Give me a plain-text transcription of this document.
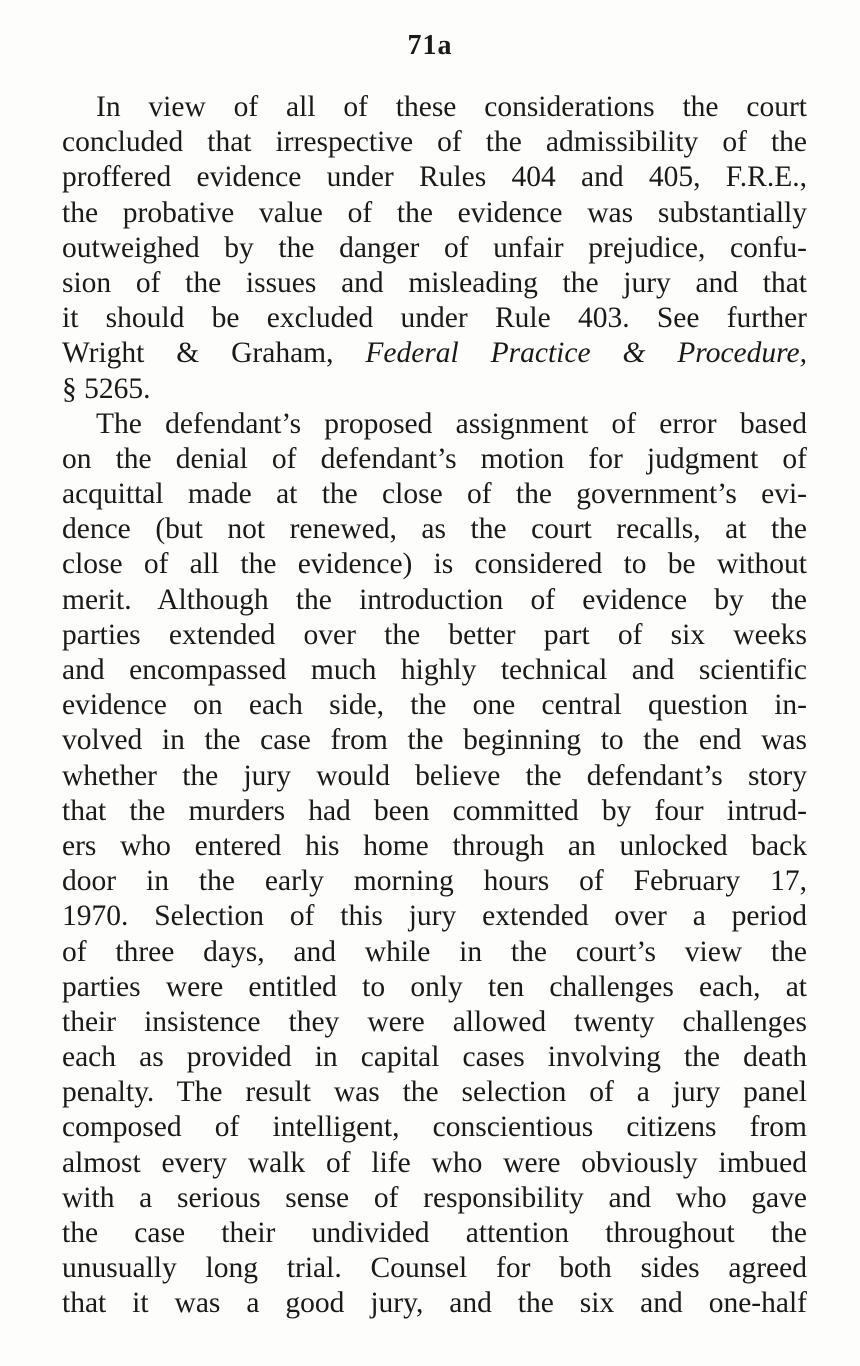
71a
In view of all of these considerations the court
concluded that irrespective of the admissibility of the
proffered evidence under Rules 404 and 405, F.R.E.,
the probative value of the evidence was substantially
outweighed by the danger of unfair prejudice, confu-
sion of the issues and misleading the jury and that
it should be excluded under Rule 403. See further
Wright & Graham, Federal Practice & Procedure,
§ 5265.
The defendant’s proposed assignment of error based
on the denial of defendant’s motion for judgment of
acquittal made at the close of the government’s evi-
dence (but not renewed, as the court recalls, at the
close of all the evidence) is considered to be without
merit. Although the introduction of evidence by the
parties extended over the better part of six weeks
and encompassed much highly technical and scientific
evidence on each side, the one central question in-
volved in the case from the beginning to the end was
whether the jury would believe the defendant’s story
that the murders had been committed by four intrud-
ers who entered his home through an unlocked back
door in the early morning hours of February 17,
1970. Selection of this jury extended over a period
of three days, and while in the court’s view the
parties were entitled to only ten challenges each, at
their insistence they were allowed twenty challenges
each as provided in capital cases involving the death
penalty. The result was the selection of a jury panel
composed of intelligent, conscientious citizens from
almost every walk of life who were obviously imbued
with a serious sense of responsibility and who gave
the case their undivided attention throughout the
unusually long trial. Counsel for both sides agreed
that it was a good jury, and the six and one-half
